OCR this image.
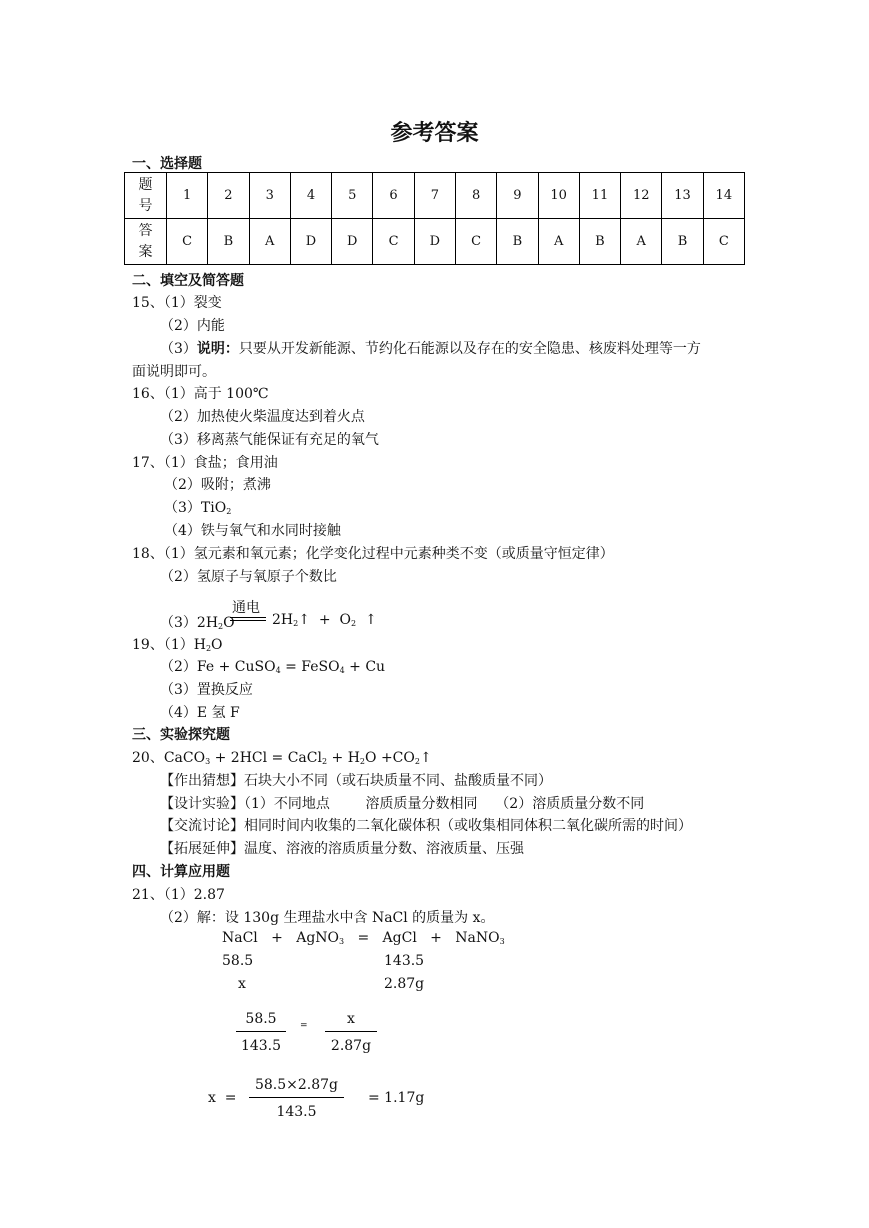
参考答案
一、选择题
题
号	1	2	3	4	5	6	7	8	9	10	11	12	13	14
答
案	C	B	A	D	D	C	D	C	B	A	B	A	B	C
二、填空及简答题
15、（1）裂变
（2）内能
（3）说明：只要从开发新能源、节约化石能源以及存在的安全隐患、核废料处理等一方
面说明即可。
16、（1）高于 100℃
（2）加热使火柴温度达到着火点
（3）移离蒸气能保证有充足的氧气
17、（1）食盐；食用油
（2）吸附；煮沸
（3）TiO$_2$
（4）铁与氧气和水同时接触
18、（1）氢元素和氧元素；化学变化过程中元素种类不变（或质量守恒定律）
（2）氢原子与氧原子个数比
$(3)2H_2O$
通电
$2H_2↑ + O_2$  ↑
19、$(1)H_2O$
（2）Fe + CuSO$_4$ = FeSO$_4$ + Cu
（3）置换反应
（4）E 氢 F
三、实验探究题
20、CaCO$_3$ + 2HCl = CaCl$_2$ + $H_2O$ $+CO_2↑$
【作出猜想】石块大小不同（或石块质量不同、盐酸质量不同）
【设计实验】（1）不同地点        溶质质量分数相同    （2）溶质质量分数不同
【交流讨论】相同时间内收集的二氧化碳体积（或收集相同体积二氧化碳所需的时间）
【拓展延伸】温度、溶液的溶质质量分数、溶液质量、压强
四、计算应用题
21、（1）2.87
（2）解：设 130g 生理盐水中含 NaCl 的质量为 x。
NaCl   +   AgNO$_3$   =   AgCl   +   NaNO$_3$
58.5	143.5
x	2.87g
$\frac{58.5}{143.5} = \frac{x}{2.87g}$
$x = \frac{58.5\times 2.87g}{143.5} = 1.17g$
